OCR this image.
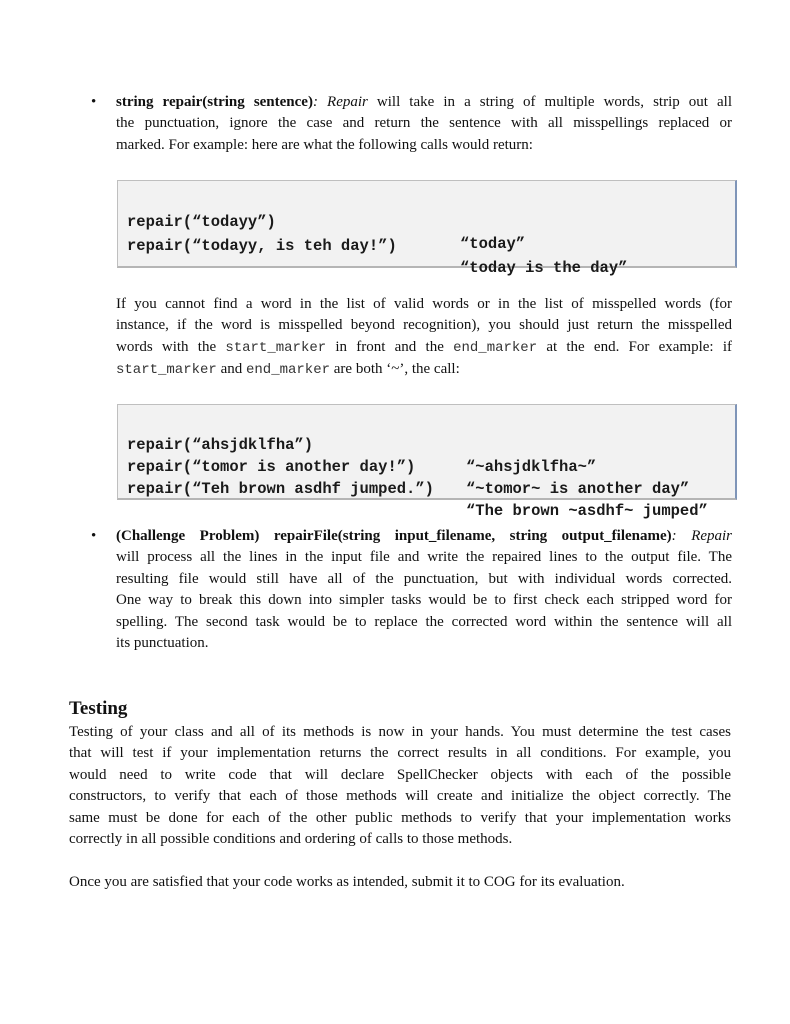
• string repair(string sentence): Repair will take in a string of multiple words, strip out all
the punctuation, ignore the case and return the sentence with all misspellings replaced or
marked. For example: here are what the following calls would return:

repair(“todayy”)

“today”

repair(“todayy, is teh day!”)

“today is the day”

If you cannot find a word in the list of valid words or in the list of misspelled words (for
instance, if the word is misspelled beyond recognition), you should just return the misspelled
words with the start_marker in front and the end_marker at the end. For example: if
start_marker and end_marker are both ‘~’, the call:

repair(“ahsjdklfha”)

“~ahsjdklfha~”

repair(“tomor is another day!”)

“~tomor~ is another day”

repair(“Teh brown asdhf jumped.”)

“The brown ~asdhf~ jumped”

• (Challenge Problem) repairFile(string input_filename, string output_filename): Repair
will process all the lines in the input file and write the repaired lines to the output file. The
resulting file would still have all of the punctuation, but with individual words corrected.
One way to break this down into simpler tasks would be to first check each stripped word for
spelling. The second task would be to replace the corrected word within the sentence will all
its punctuation.
Testing
Testing of your class and all of its methods is now in your hands. You must determine the test cases
that will test if your implementation returns the correct results in all conditions. For example, you
would need to write code that will declare SpellChecker objects with each of the possible
constructors, to verify that each of those methods will create and initialize the object correctly. The
same must be done for each of the other public methods to verify that your implementation works
correctly in all possible conditions and ordering of calls to those methods.
Once you are satisfied that your code works as intended, submit it to COG for its evaluation.
